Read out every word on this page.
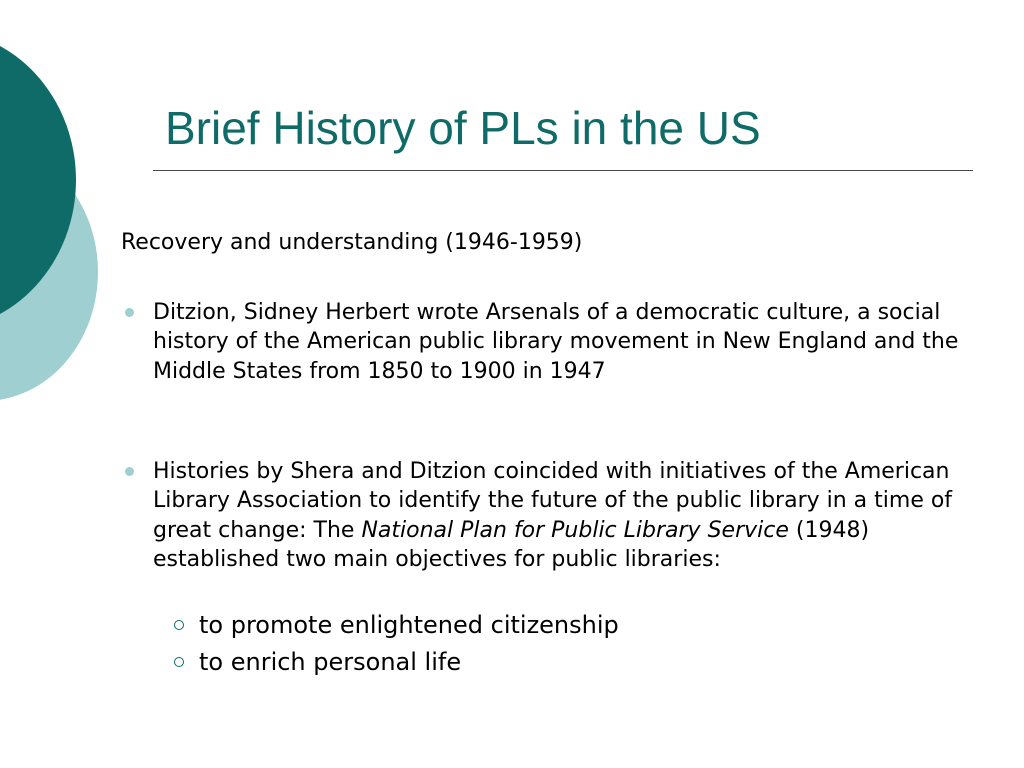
Brief History of PLs in the US

Recovery and understanding (1946-1959)

Ditzion, Sidney Herbert wrote Arsenals of a democratic culture, a social history of the American public library movement in New England and the Middle States from 1850 to 1900 in 1947
Histories by Shera and Ditzion coincided with initiatives of the American Library Association to identify the future of the public library in a time of great change: The National Plan for Public Library Service (1948) established two main objectives for public libraries:
to promote enlightened citizenship
to enrich personal life
